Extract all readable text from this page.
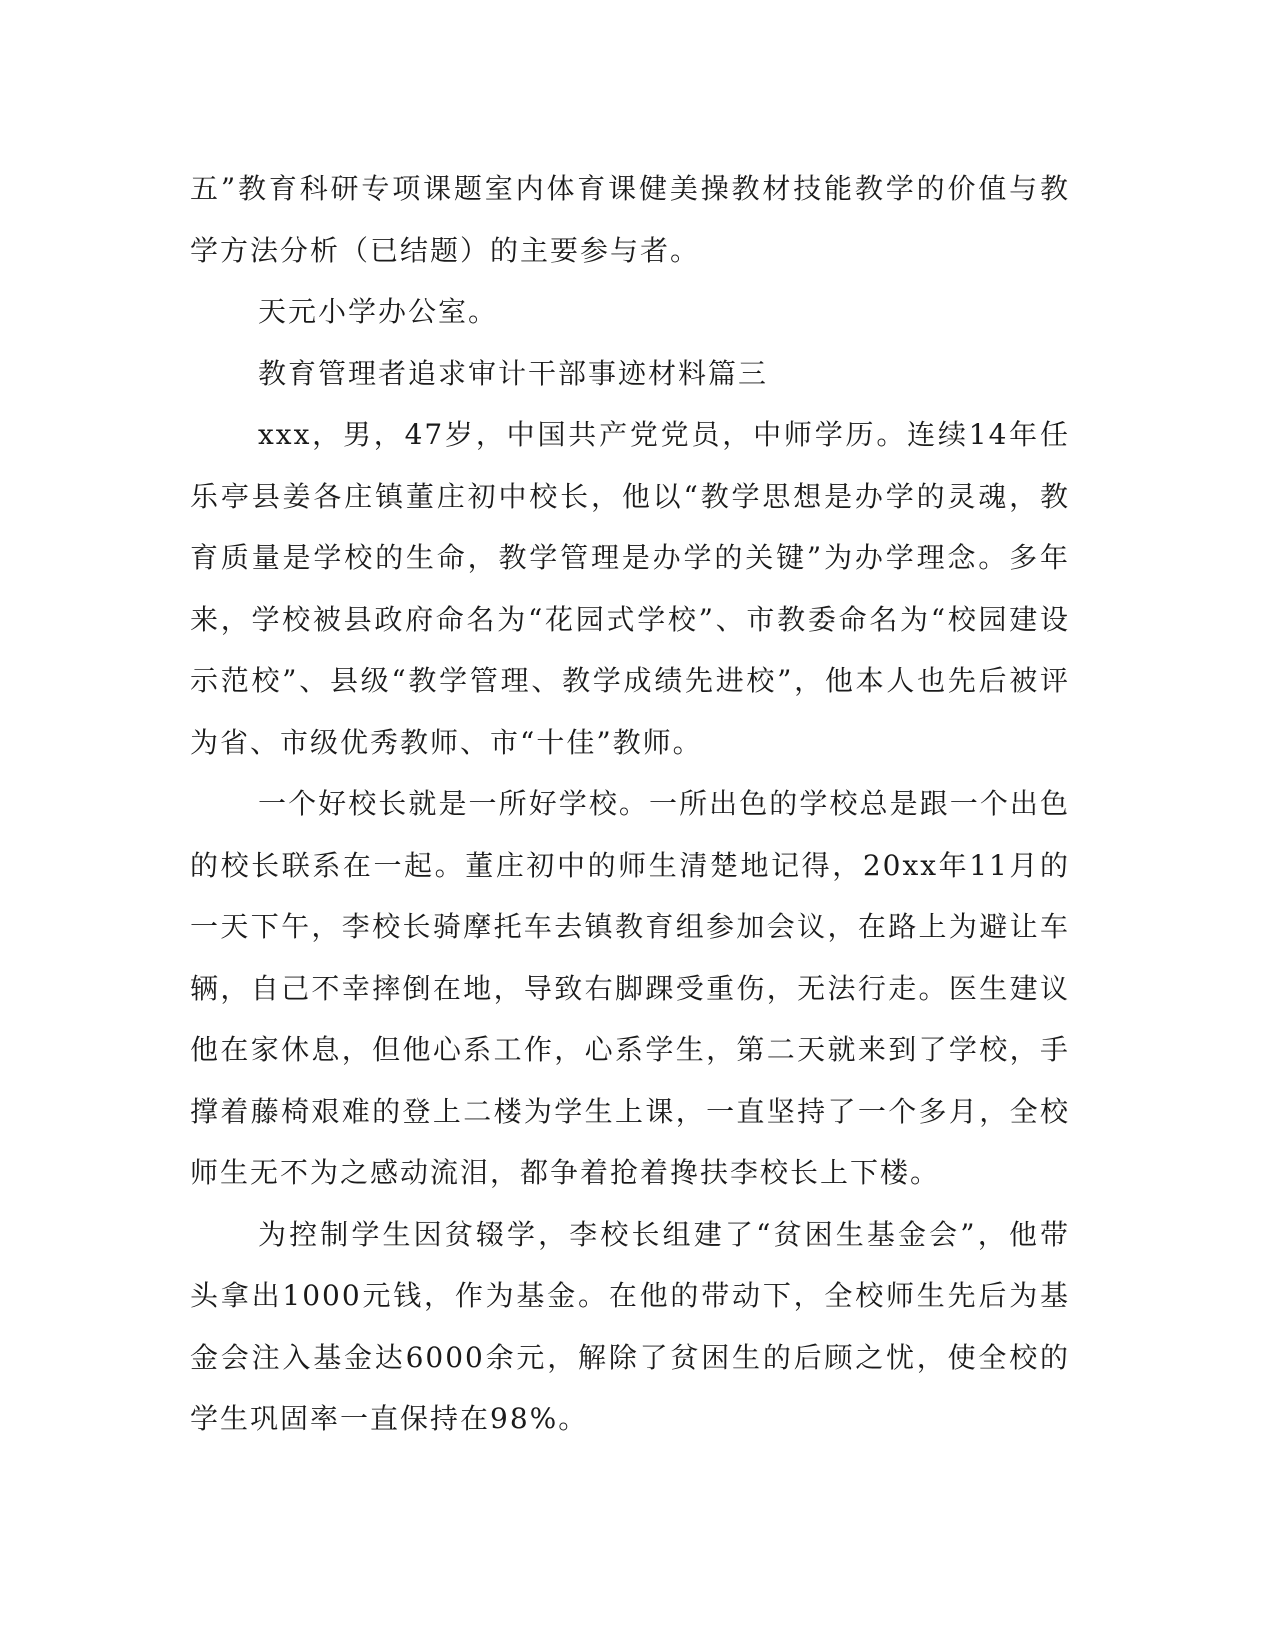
五”教育科研专项课题室内体育课健美操教材技能教学的价值与教学方法分析（已结题）的主要参与者。

天元小学办公室。

教育管理者追求审计干部事迹材料篇三

xxx，男，47岁，中国共产党党员，中师学历。连续14年任乐亭县姜各庄镇董庄初中校长，他以“教学思想是办学的灵魂，教育质量是学校的生命，教学管理是办学的关键”为办学理念。多年来，学校被县政府命名为“花园式学校”、市教委命名为“校园建设示范校”、县级“教学管理、教学成绩先进校”，他本人也先后被评为省、市级优秀教师、市“十佳”教师。

一个好校长就是一所好学校。一所出色的学校总是跟一个出色的校长联系在一起。董庄初中的师生清楚地记得，20xx年11月的一天下午，李校长骑摩托车去镇教育组参加会议，在路上为避让车辆，自己不幸摔倒在地，导致右脚踝受重伤，无法行走。医生建议他在家休息，但他心系工作，心系学生，第二天就来到了学校，手撑着藤椅艰难的登上二楼为学生上课，一直坚持了一个多月，全校师生无不为之感动流泪，都争着抢着搀扶李校长上下楼。

为控制学生因贫辍学，李校长组建了“贫困生基金会”，他带头拿出1000元钱，作为基金。在他的带动下，全校师生先后为基金会注入基金达6000余元，解除了贫困生的后顾之忧，使全校的学生巩固率一直保持在98%。
